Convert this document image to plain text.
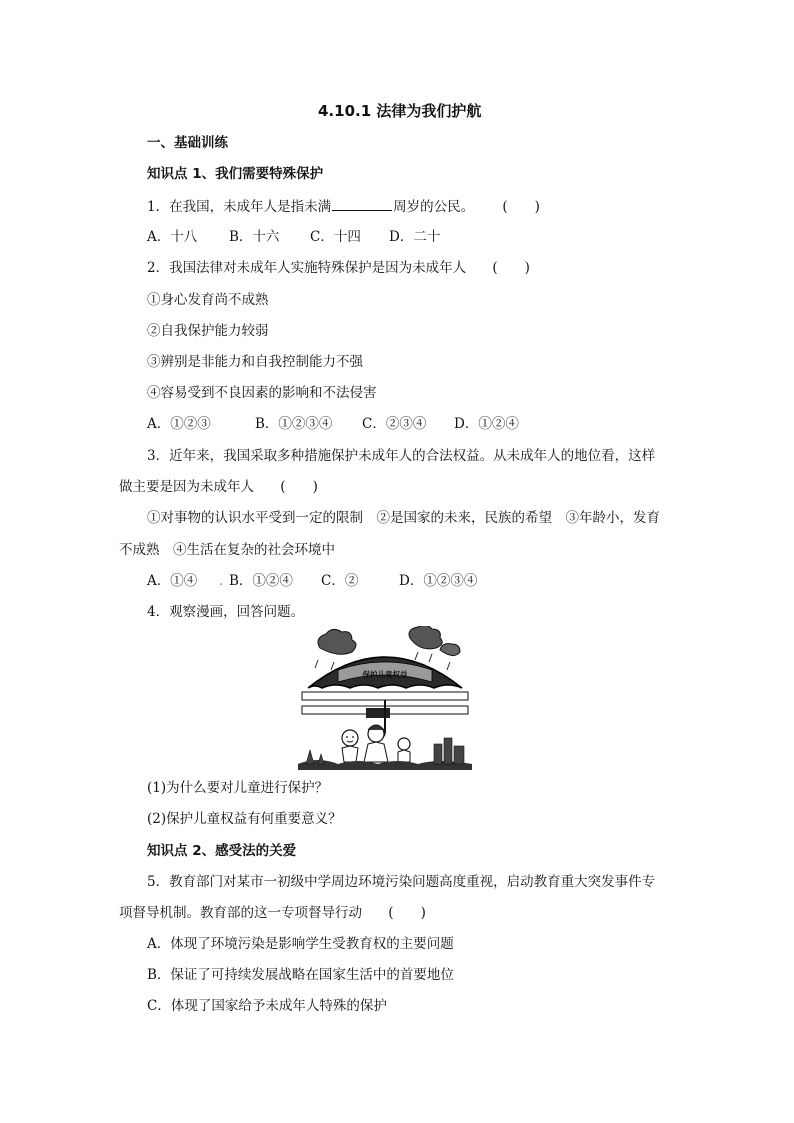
4.10.1 法律为我们护航
一、基础训练
知识点 1、我们需要特殊保护
1．在我国，未成年人是指未满	周岁的公民。 (　　)
A．十八 B．十六 C．十四 D．二十
2．我国法律对未成年人实施特殊保护是因为未成年人 (　　)
①身心发育尚不成熟
②自我保护能力较弱
③辨别是非能力和自我控制能力不强
④容易受到不良因素的影响和不法侵害
A．①②③	B．①②③④ C．②③④ D．①②④
3．近年来，我国采取多种措施保护未成年人的合法权益。从未成年人的地位看，这样
做主要是因为未成年人 (　　)
①对事物的认识水平受到一定的限制　②是国家的未来，民族的希望　③年龄小，发育
不成熟　④生活在复杂的社会环境中
A．①④ . B．①②④ C．②	D．①②③④
4．观察漫画，回答问题。
保护儿童权益
(1)为什么要对儿童进行保护？
(2)保护儿童权益有何重要意义？
知识点 2、感受法的关爱
5．教育部门对某市一初级中学周边环境污染问题高度重视，启动教育重大突发事件专
项督导机制。教育部的这一专项督导行动 (　　)
A．体现了环境污染是影响学生受教育权的主要问题
B．保证了可持续发展战略在国家生活中的首要地位
C．体现了国家给予未成年人特殊的保护
